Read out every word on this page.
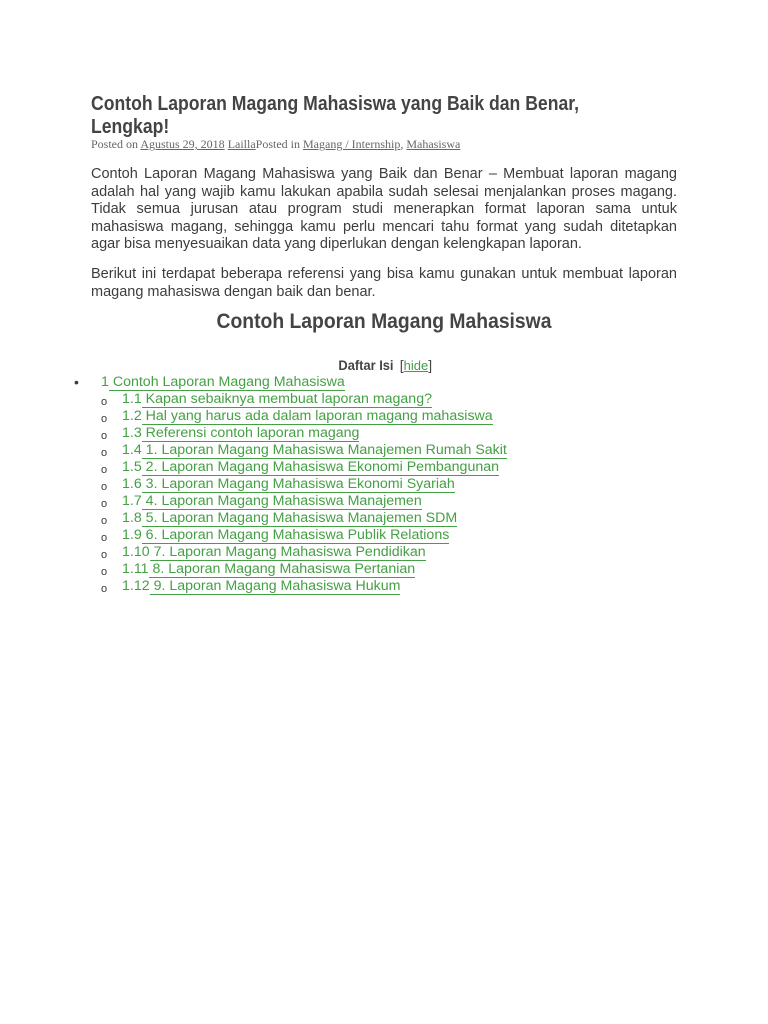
Contoh Laporan Magang Mahasiswa yang Baik dan Benar, Lengkap!
Posted on Agustus 29, 2018 LaillaPosted in Magang / Internship, Mahasiswa

Contoh Laporan Magang Mahasiswa yang Baik dan Benar – Membuat laporan magang adalah hal yang wajib kamu lakukan apabila sudah selesai menjalankan proses magang. Tidak semua jurusan atau program studi menerapkan format laporan sama untuk mahasiswa magang, sehingga kamu perlu mencari tahu format yang sudah ditetapkan agar bisa menyesuaikan data yang diperlukan dengan kelengkapan laporan.

Berikut ini terdapat beberapa referensi yang bisa kamu gunakan untuk membuat laporan magang mahasiswa dengan baik dan benar.

Contoh Laporan Magang Mahasiswa
Daftar Isi [hide]
• 1 Contoh Laporan Magang Mahasiswa
o 1.1 Kapan sebaiknya membuat laporan magang?
o 1.2 Hal yang harus ada dalam laporan magang mahasiswa
o 1.3 Referensi contoh laporan magang
o 1.4 1. Laporan Magang Mahasiswa Manajemen Rumah Sakit
o 1.5 2. Laporan Magang Mahasiswa Ekonomi Pembangunan
o 1.6 3. Laporan Magang Mahasiswa Ekonomi Syariah
o 1.7 4. Laporan Magang Mahasiswa Manajemen
o 1.8 5. Laporan Magang Mahasiswa Manajemen SDM
o 1.9 6. Laporan Magang Mahasiswa Publik Relations
o 1.10 7. Laporan Magang Mahasiswa Pendidikan
o 1.11 8. Laporan Magang Mahasiswa Pertanian
o 1.12 9. Laporan Magang Mahasiswa Hukum
